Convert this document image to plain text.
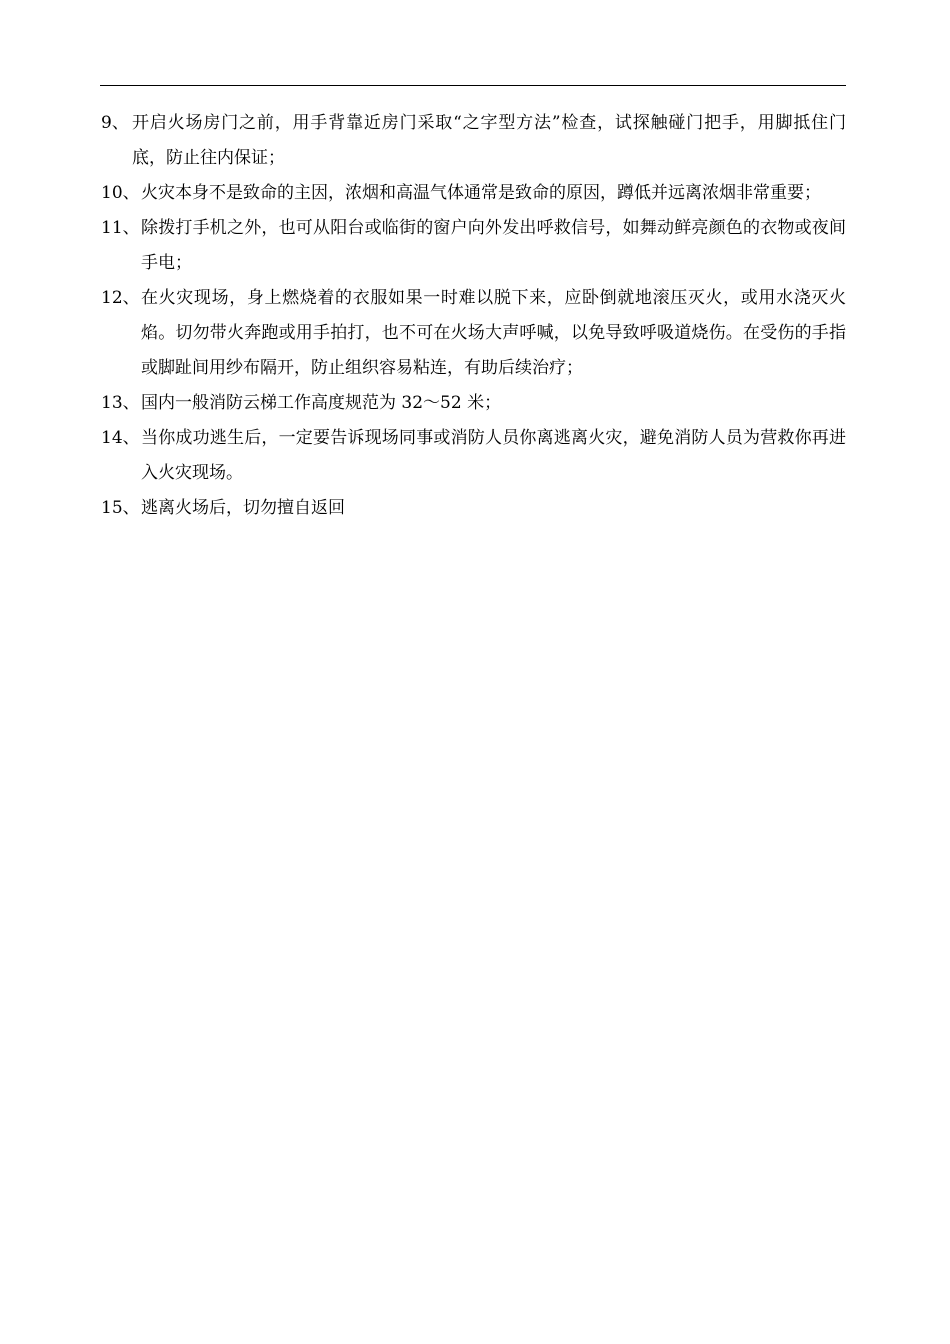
9、 开启火场房门之前，用手背靠近房门采取“之字型方法”检查，试探触碰门把手，用脚抵住门底，防止往内保证；
10、 火灾本身不是致命的主因，浓烟和高温气体通常是致命的原因，蹲低并远离浓烟非常重要；
11、 除拨打手机之外，也可从阳台或临街的窗户向外发出呼救信号，如舞动鲜亮颜色的衣物或夜间手电；
12、 在火灾现场，身上燃烧着的衣服如果一时难以脱下来，应卧倒就地滚压灭火，或用水浇灭火焰。切勿带火奔跑或用手拍打，也不可在火场大声呼喊，以免导致呼吸道烧伤。在受伤的手指或脚趾间用纱布隔开，防止组织容易粘连，有助后续治疗；
13、 国内一般消防云梯工作高度规范为 32～52 米；
14、 当你成功逃生后，一定要告诉现场同事或消防人员你离逃离火灾，避免消防人员为营救你再进入火灾现场。
15、 逃离火场后，切勿擅自返回
